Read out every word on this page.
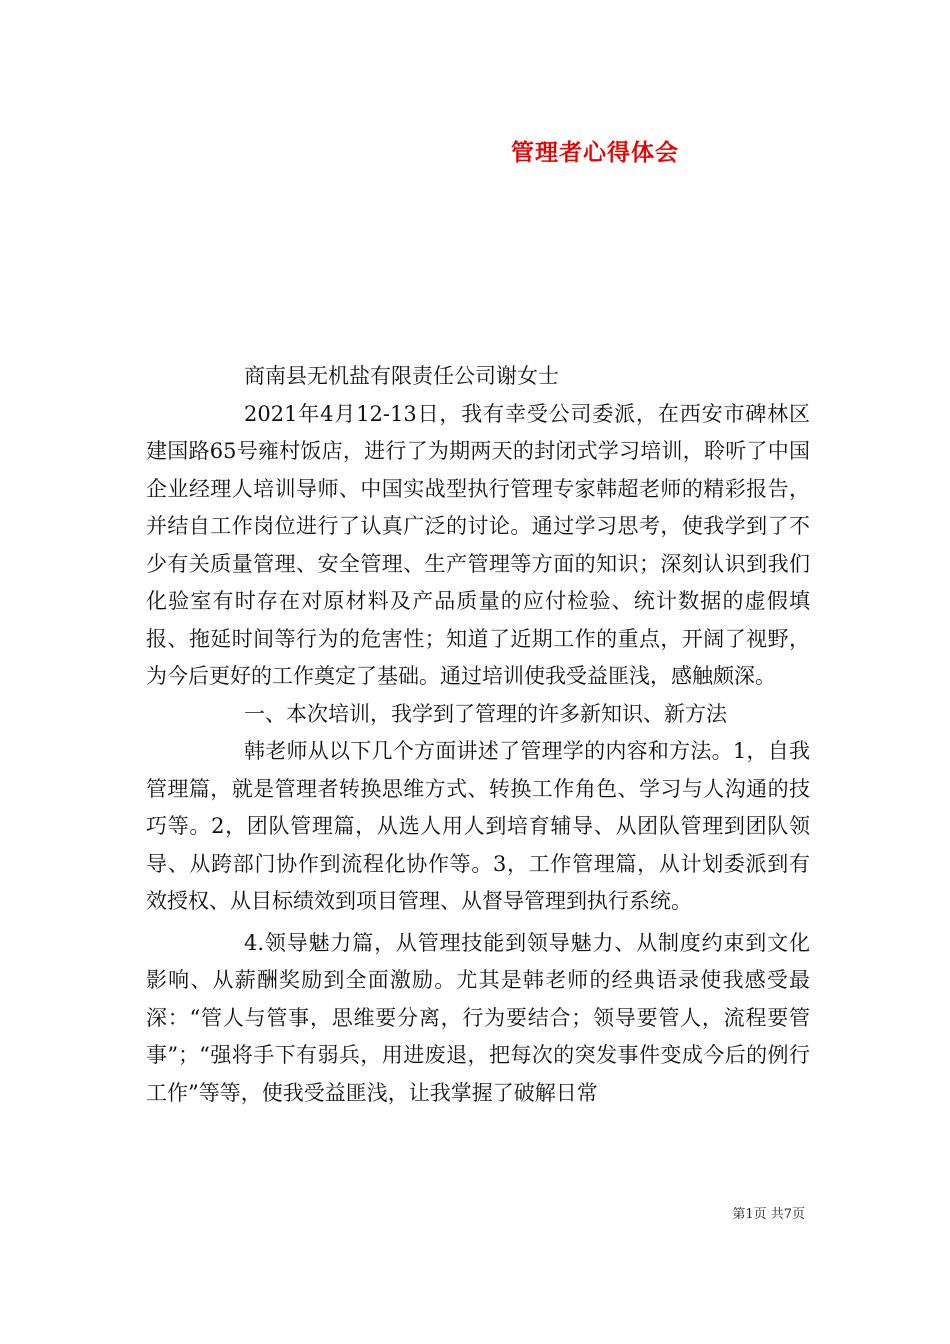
管理者心得体会

商南县无机盐有限责任公司谢女士

2021年4月12-13日，我有幸受公司委派，在西安市碑林区建国路65号雍村饭店，进行了为期两天的封闭式学习培训，聆听了中国企业经理人培训导师、中国实战型执行管理专家韩超老师的精彩报告，并结自工作岗位进行了认真广泛的讨论。通过学习思考，使我学到了不少有关质量管理、安全管理、生产管理等方面的知识；深刻认识到我们化验室有时存在对原材料及产品质量的应付检验、统计数据的虚假填报、拖延时间等行为的危害性；知道了近期工作的重点，开阔了视野，为今后更好的工作奠定了基础。通过培训使我受益匪浅，感触颇深。

一、本次培训，我学到了管理的许多新知识、新方法

韩老师从以下几个方面讲述了管理学的内容和方法。1，自我管理篇，就是管理者转换思维方式、转换工作角色、学习与人沟通的技巧等。2，团队管理篇，从选人用人到培育辅导、从团队管理到团队领导、从跨部门协作到流程化协作等。3，工作管理篇，从计划委派到有效授权、从目标绩效到项目管理、从督导管理到执行系统。

4.领导魅力篇，从管理技能到领导魅力、从制度约束到文化影响、从薪酬奖励到全面激励。尤其是韩老师的经典语录使我感受最深：“管人与管事，思维要分离，行为要结合；领导要管人，流程要管事”；“强将手下有弱兵，用进废退，把每次的突发事件变成今后的例行工作”等等，使我受益匪浅，让我掌握了破解日常

第1页 共7页
